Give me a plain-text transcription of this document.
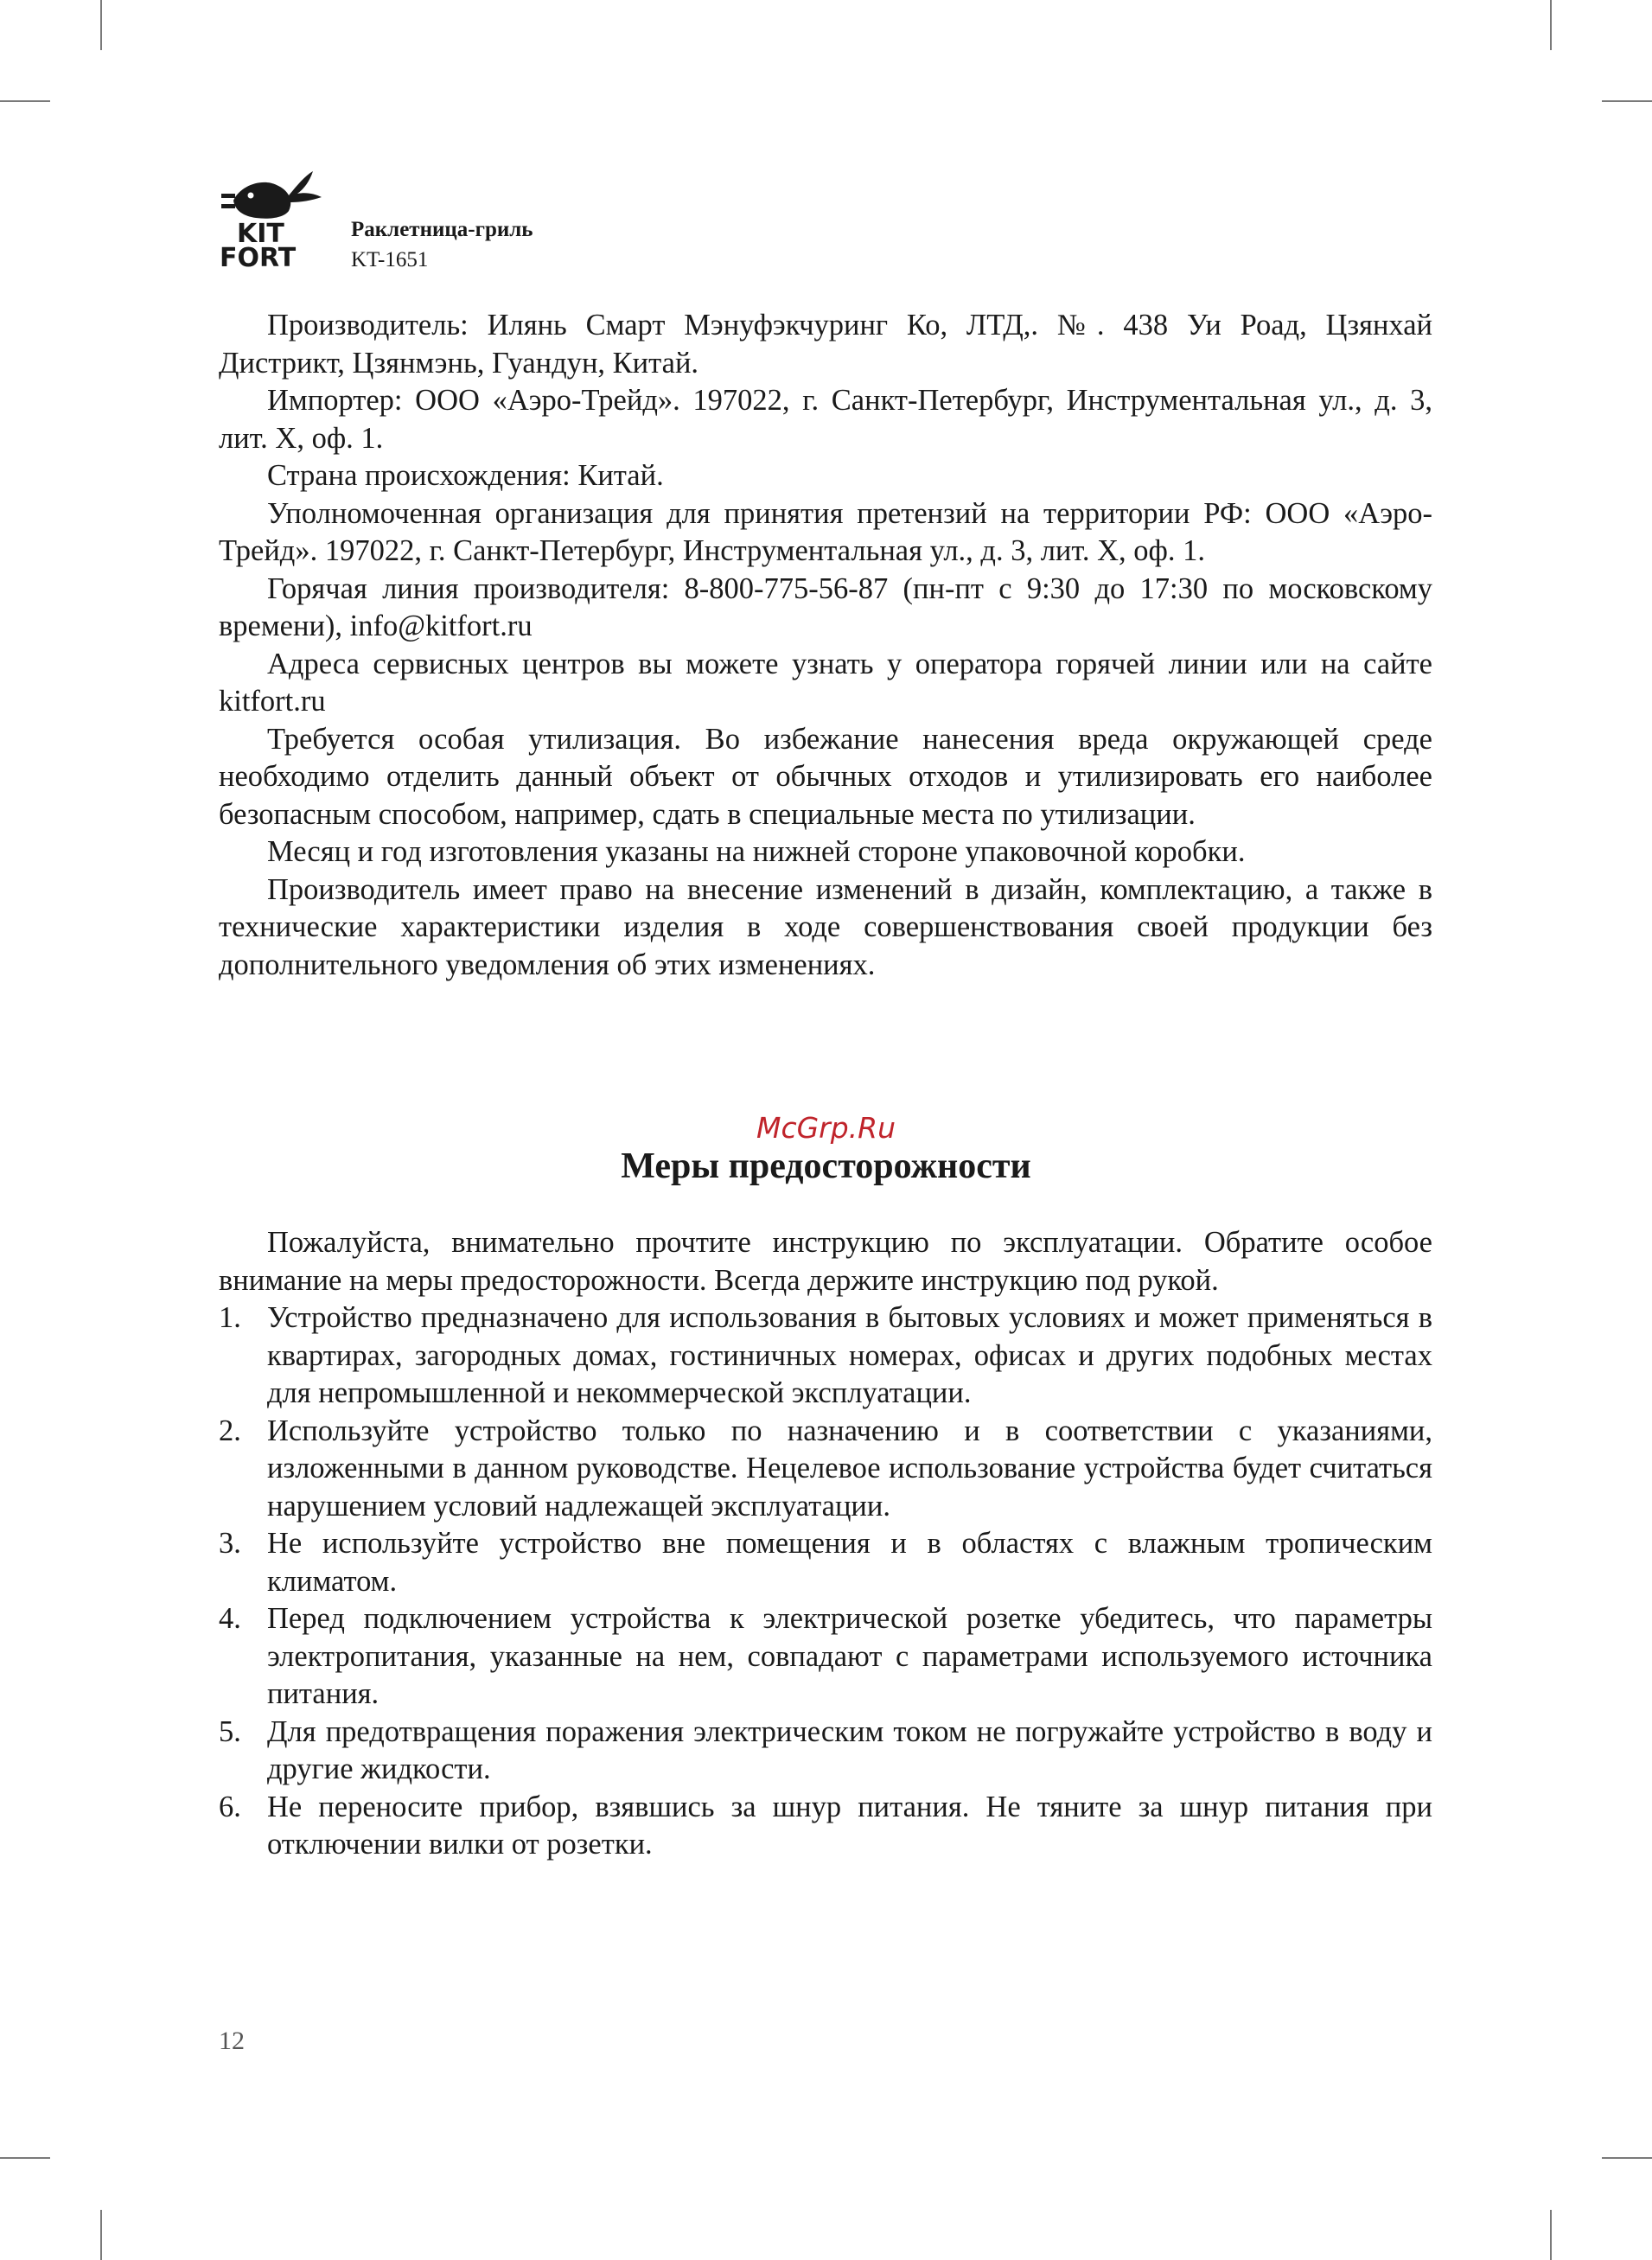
KIT
FORT
Раклетница-гриль
KT-1651

Производитель: Илянь Смарт Мэнуфэкчуринг Ко, ЛТД,. №. 438 Уи Роад, Цзянхай Дистрикт, Цзянмэнь, Гуандун, Китай.

Импортер: ООО «Аэро-Трейд». 197022, г. Санкт-Петербург, Инструментальная ул., д. 3, лит. Х, оф. 1.

Страна происхождения: Китай.

Уполномоченная организация для принятия претензий на территории РФ: ООО «Аэро-Трейд». 197022, г. Санкт-Петербург, Инструментальная ул., д. 3, лит. Х, оф. 1.

Горячая линия производителя: 8-800-775-56-87 (пн-пт с 9:30 до 17:30 по московскому времени), info@kitfort.ru

Адреса сервисных центров вы можете узнать у оператора горячей линии или на сайте kitfort.ru

Требуется особая утилизация. Во избежание нанесения вреда окружающей среде необходимо отделить данный объект от обычных отходов и утилизировать его наиболее безопасным способом, например, сдать в специальные места по утилизации.

Месяц и год изготовления указаны на нижней стороне упаковочной коробки.

Производитель имеет право на внесение изменений в дизайн, комплектацию, а также в технические характеристики изделия в ходе совершенствования своей продукции без дополнительного уведомления об этих изменениях.

McGrp.Ru
Меры предосторожности

Пожалуйста, внимательно прочтите инструкцию по эксплуатации. Обратите особое внимание на меры предосторожности. Всегда держите инструкцию под рукой.

1. Устройство предназначено для использования в бытовых условиях и может применяться в квартирах, загородных домах, гостиничных номерах, офисах и других подобных местах для непромышленной и некоммерческой эксплуатации.
2. Используйте устройство только по назначению и в соответствии с указаниями, изложенными в данном руководстве. Нецелевое использование устройства будет считаться нарушением условий надлежащей эксплуатации.
3. Не используйте устройство вне помещения и в областях с влажным тропическим климатом.
4. Перед подключением устройства к электрической розетке убедитесь, что параметры электропитания, указанные на нем, совпадают с параметрами используемого источника питания.
5. Для предотвращения поражения электрическим током не погружайте устройство в воду и другие жидкости.
6. Не переносите прибор, взявшись за шнур питания. Не тяните за шнур питания при отключении вилки от розетки.
12
